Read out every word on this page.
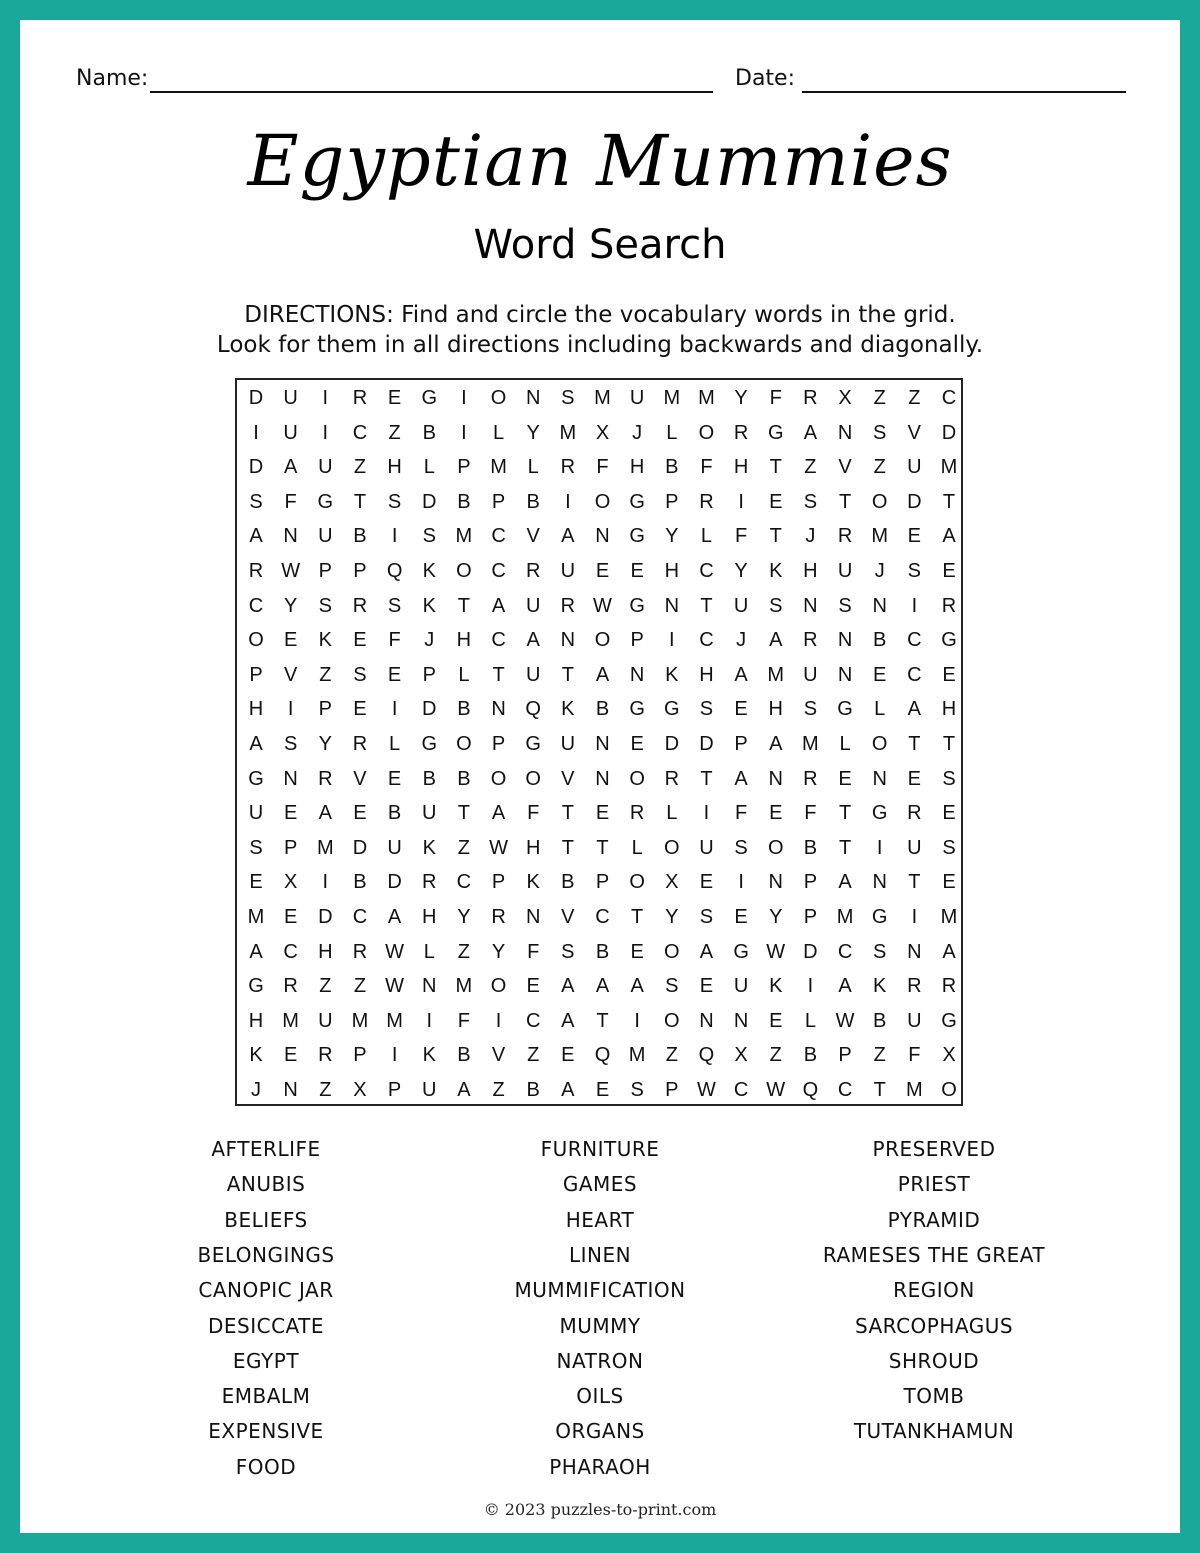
Name:	Date:
Egyptian Mummies
Word Search
DIRECTIONS: Find and circle the vocabulary words in the grid.
Look for them in all directions including backwards and diagonally.
D	U	I	R	E	G	I	O N	S M U M M Y	F	R	X	Z	Z	C
I	U	I	C	Z	B	I	L	Y M X	J	L	O R G	A	N	S	V	D
D	A	U	Z	H	L	P M	L	R	F	H	B	F	H	T	Z	V	Z	U M
S	F	G	T	S	D	B	P	B	I	O G	P	R	I	E	S	T	O D	T
A	N	U	B	I	S M C	V	A	N G	Y	L	F	T	J	R M E	A
R W P	P	Q	K	O C	R	U	E	E	H	C	Y	K	H	U	J	S	E
C	Y	S	R	S	K	T	A	U	R W G N	T	U	S	N	S	N	I	R
O	E	K	E	F	J	H	C	A	N O	P	I	C	J	A	R	N	B	C G
P	V	Z	S	E	P	L	T	U	T	A	N	K	H	A M U	N	E	C	E
H	I	P	E	I	D	B	N Q	K	B	G G	S	E	H	S	G	L	A	H
A	S	Y	R	L	G O	P	G U	N	E	D	D	P	A M	L	O	T	T
G N	R	V	E	B	B	O O	V	N O R	T	A	N	R	E	N	E	S
U	E	A	E	B	U	T	A	F	T	E	R	L	I	F	E	F	T	G R	E
S	P M D	U	K	Z W H	T	T	L	O U	S	O	B	T	I	U	S
E	X	I	B	D	R	C	P	K	B	P	O	X	E	I	N	P	A	N	T	E
M E	D	C	A	H	Y	R	N	V	C	T	Y	S	E	Y	P M G	I	M
A	C	H	R W L	Z	Y	F	S	B	E	O	A	G W D	C	S	N	A
G R	Z	Z W N M O	E	A	A	A	S	E	U	K	I	A	K	R	R
H M U M M	I	F	I	C	A	T	I	O N	N	E	L W B	U G
K	E	R	P	I	K	B	V	Z	E	Q M	Z	Q	X	Z	B	P	Z	F	X
J	N	Z	X	P	U	A	Z	B	A	E	S	P W C W Q C	T	M O
AFTERLIFE
ANUBIS
BELIEFS
BELONGINGS
CANOPIC JAR
DESICCATE
EGYPT
EMBALM
EXPENSIVE
FOOD
FURNITURE
GAMES
HEART
LINEN
MUMMIFICATION
MUMMY
NATRON
OILS
ORGANS
PHARAOH
PRESERVED
PRIEST
PYRAMID
RAMESES THE GREAT
REGION
SARCOPHAGUS
SHROUD
TOMB
TUTANKHAMUN
© 2023 puzzles-to-print.com
